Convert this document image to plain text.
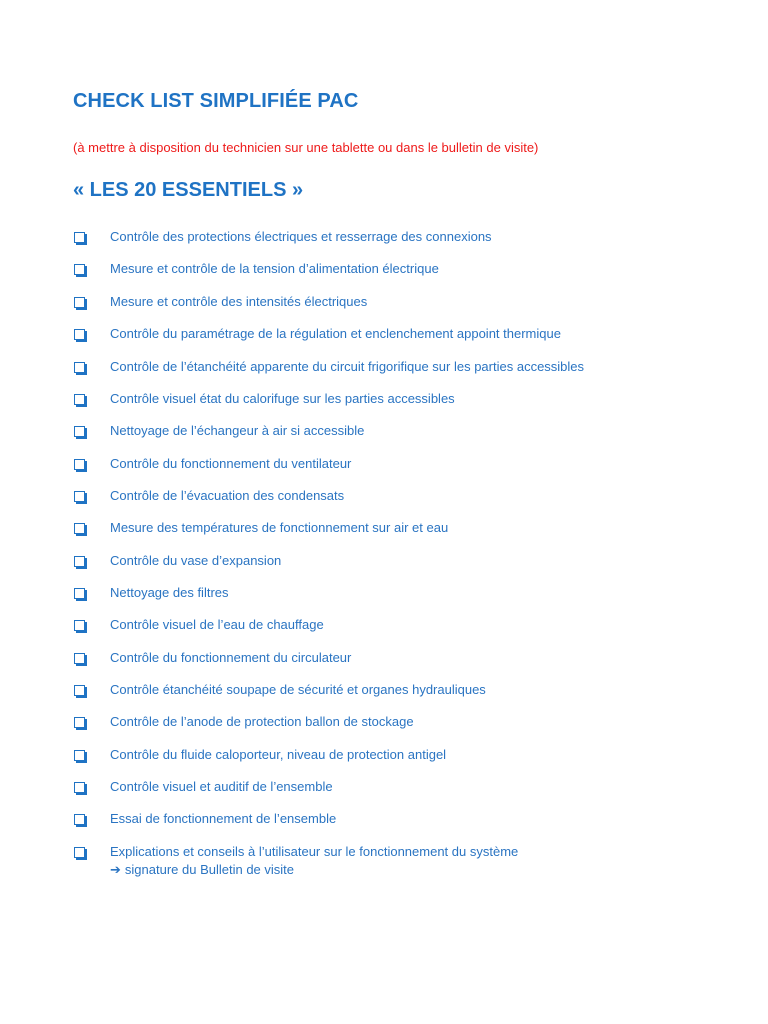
CHECK LIST SIMPLIFIÉE PAC

(à mettre à disposition du technicien sur une tablette ou dans le bulletin de visite)

« LES 20 ESSENTIELS »
Contrôle des protections électriques et resserrage des connexions
Mesure et contrôle de la tension d’alimentation électrique
Mesure et contrôle des intensités électriques
Contrôle du paramétrage de la régulation et enclenchement appoint thermique
Contrôle de l’étanchéité apparente du circuit frigorifique sur les parties accessibles
Contrôle visuel état du calorifuge sur les parties accessibles
Nettoyage de l’échangeur à air si accessible
Contrôle du fonctionnement du ventilateur
Contrôle de l’évacuation des condensats
Mesure des températures de fonctionnement sur air et eau
Contrôle du vase d’expansion
Nettoyage des filtres
Contrôle visuel de l’eau de chauffage
Contrôle du fonctionnement du circulateur
Contrôle étanchéité soupape de sécurité et organes hydrauliques
Contrôle de l’anode de protection ballon de stockage
Contrôle du fluide caloporteur, niveau de protection antigel
Contrôle visuel et auditif de l’ensemble
Essai de fonctionnement de l’ensemble
Explications et conseils à l’utilisateur sur le fonctionnement du système
➔ signature du Bulletin de visite
